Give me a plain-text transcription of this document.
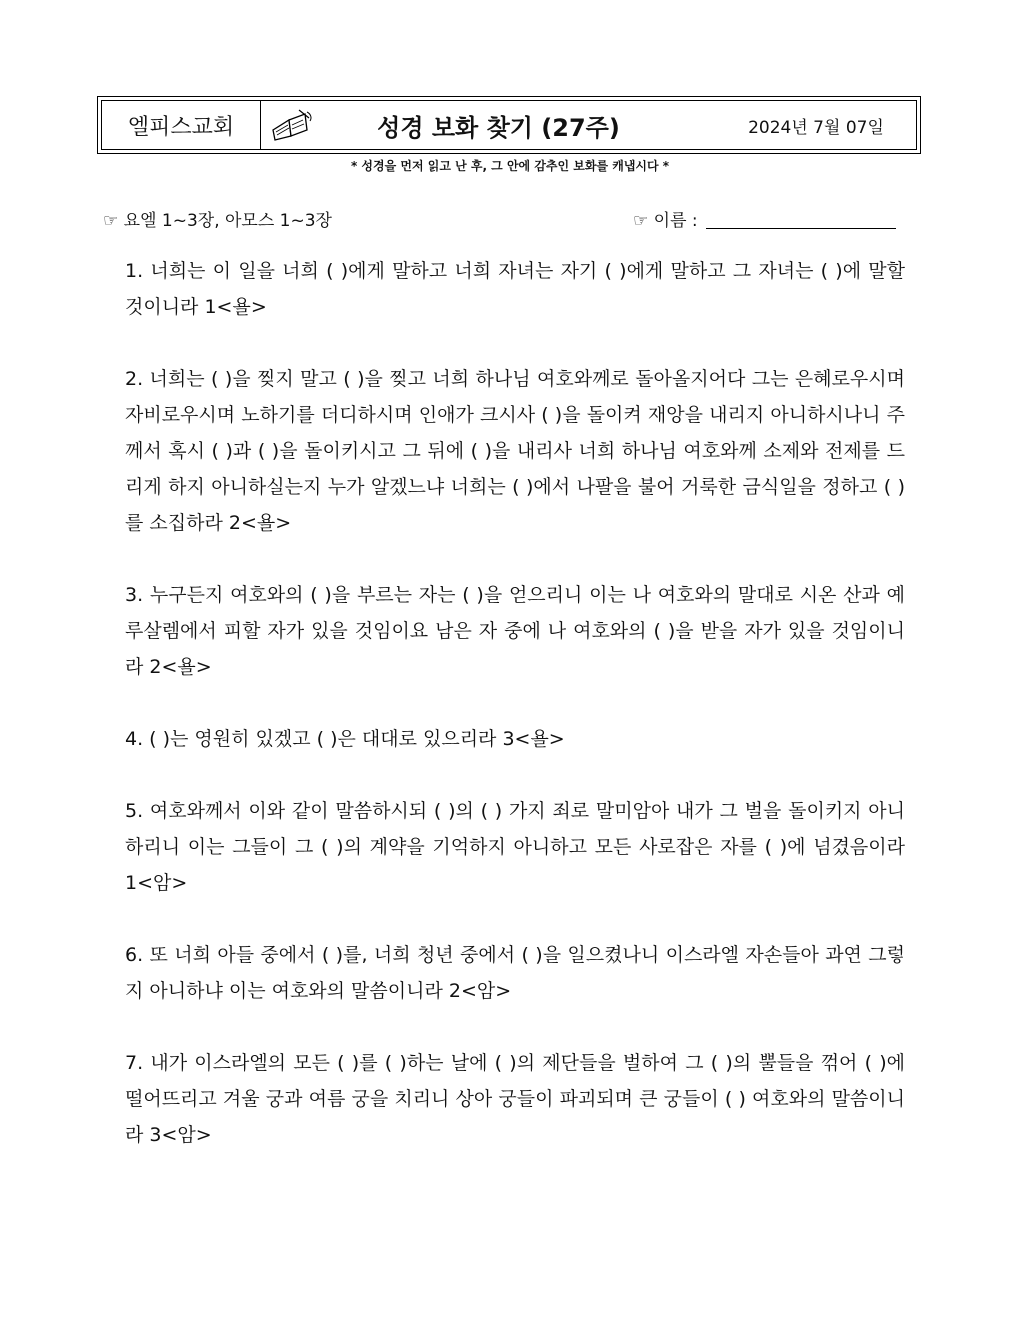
엘피스교회	성경 보화 찾기 (27주)	2024년 7월 07일
* 성경을 먼저 읽고 난 후, 그 안에 감추인 보화를 캐냅시다 *
☞ 요엘 1~3장, 아모스 1~3장	☞ 이름 :

1. 너희는 이 일을 너희 ( )에게 말하고 너희 자녀는 자기 ( )에게 말하고 그 자녀는 ( )에 말할 것이니라 1<욜>

2. 너희는 ( )을 찢지 말고 ( )을 찢고 너희 하나님 여호와께로 돌아올지어다 그는 은혜로우시며 자비로우시며 노하기를 더디하시며 인애가 크시사 ( )을 돌이켜 재앙을 내리지 아니하시나니 주께서 혹시 ( )과 ( )을 돌이키시고 그 뒤에 ( )을 내리사 너희 하나님 여호와께 소제와 전제를 드리게 하지 아니하실는지 누가 알겠느냐 너희는 ( )에서 나팔을 불어 거룩한 금식일을 정하고 ( )를 소집하라 2<욜>

3. 누구든지 여호와의 ( )을 부르는 자는 ( )을 얻으리니 이는 나 여호와의 말대로 시온 산과 예루살렘에서 피할 자가 있을 것임이요 남은 자 중에 나 여호와의 ( )을 받을 자가 있을 것임이니라 2<욜>

4. ( )는 영원히 있겠고 ( )은 대대로 있으리라 3<욜>

5. 여호와께서 이와 같이 말씀하시되 ( )의 ( ) 가지 죄로 말미암아 내가 그 벌을 돌이키지 아니하리니 이는 그들이 그 ( )의 계약을 기억하지 아니하고 모든 사로잡은 자를 ( )에 넘겼음이라 1<암>

6. 또 너희 아들 중에서 ( )를, 너희 청년 중에서 ( )을 일으켰나니 이스라엘 자손들아 과연 그렇지 아니하냐 이는 여호와의 말씀이니라 2<암>

7. 내가 이스라엘의 모든 ( )를 ( )하는 날에 ( )의 제단들을 벌하여 그 ( )의 뿔들을 꺾어 ( )에 떨어뜨리고 겨울 궁과 여름 궁을 치리니 상아 궁들이 파괴되며 큰 궁들이 ( ) 여호와의 말씀이니라 3<암>
